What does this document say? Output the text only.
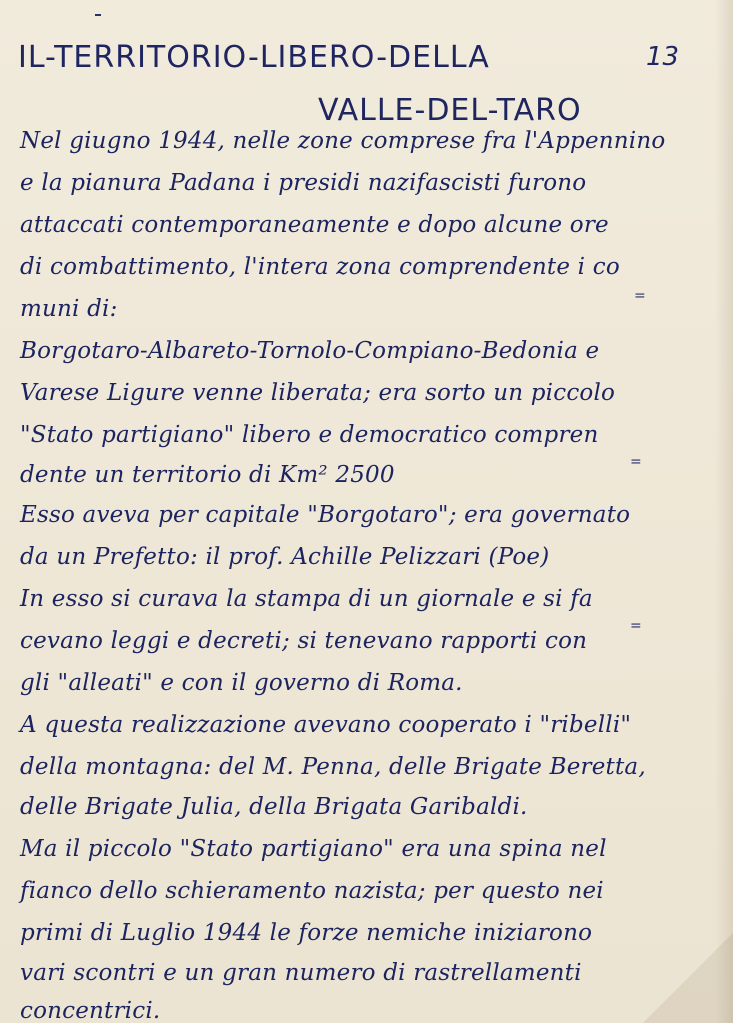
IL-TERRITORIO-LIBERO-DELLA
VALLE-DEL-TARO
13
Nel giugno 1944, nelle zone comprese fra l'Appennino
e la pianura Padana i presidi nazifascisti furono
attaccati contemporaneamente e dopo alcune ore
di combattimento, l'intera zona comprendente i co
muni di:
Borgotaro-Albareto-Tornolo-Compiano-Bedonia e
Varese Ligure venne liberata; era sorto un piccolo
"Stato partigiano" libero e democratico compren
dente un territorio di Km² 2500
Esso aveva per capitale "Borgotaro"; era governato
da un Prefetto: il prof. Achille Pelizzari (Poe)
In esso si curava la stampa di un giornale e si fa
cevano leggi e decreti; si tenevano rapporti con
gli "alleati" e con il governo di Roma.
A questa realizzazione avevano cooperato i "ribelli"
della montagna: del M. Penna, delle Brigate Beretta,
delle Brigate Julia, della Brigata Garibaldi.
Ma il piccolo "Stato partigiano" era una spina nel
fianco dello schieramento nazista; per questo nei
primi di Luglio 1944 le forze nemiche iniziarono
vari scontri e un gran numero di rastrellamenti
concentrici.
=
=
=
